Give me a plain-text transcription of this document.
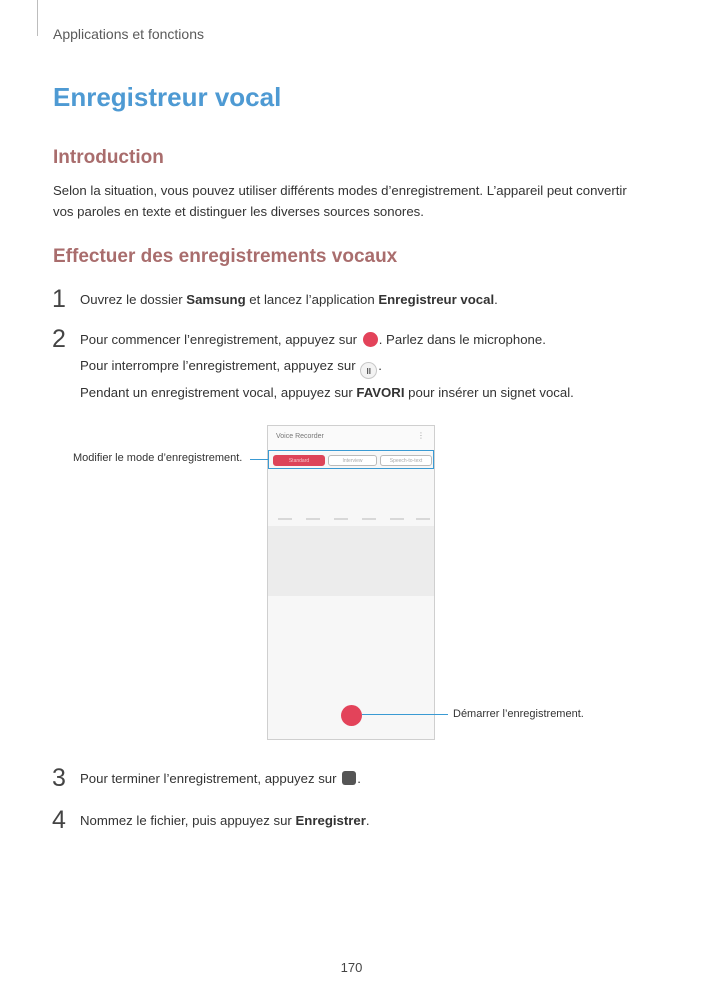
Applications et fonctions
Enregistreur vocal
Introduction

Selon la situation, vous pouvez utiliser différents modes d’enregistrement. L’appareil peut convertir
vos paroles en texte et distinguer les diverses sources sonores.

Effectuer des enregistrements vocaux
1 Ouvrez le dossier Samsung et lancez l’application Enregistreur vocal.
2 Pour commencer l’enregistrement, appuyez sur . Parlez dans le microphone.
Pour interrompre l’enregistrement, appuyez sur II .
Pendant un enregistrement vocal, appuyez sur FAVORI pour insérer un signet vocal.
Voice Recorder	⋮
Standard	Interview	Speech-to-text
Modifier le mode d’enregistrement.
Démarrer l’enregistrement.
3 Pour terminer l’enregistrement, appuyez sur .
4 Nommez le fichier, puis appuyez sur Enregistrer.
170
